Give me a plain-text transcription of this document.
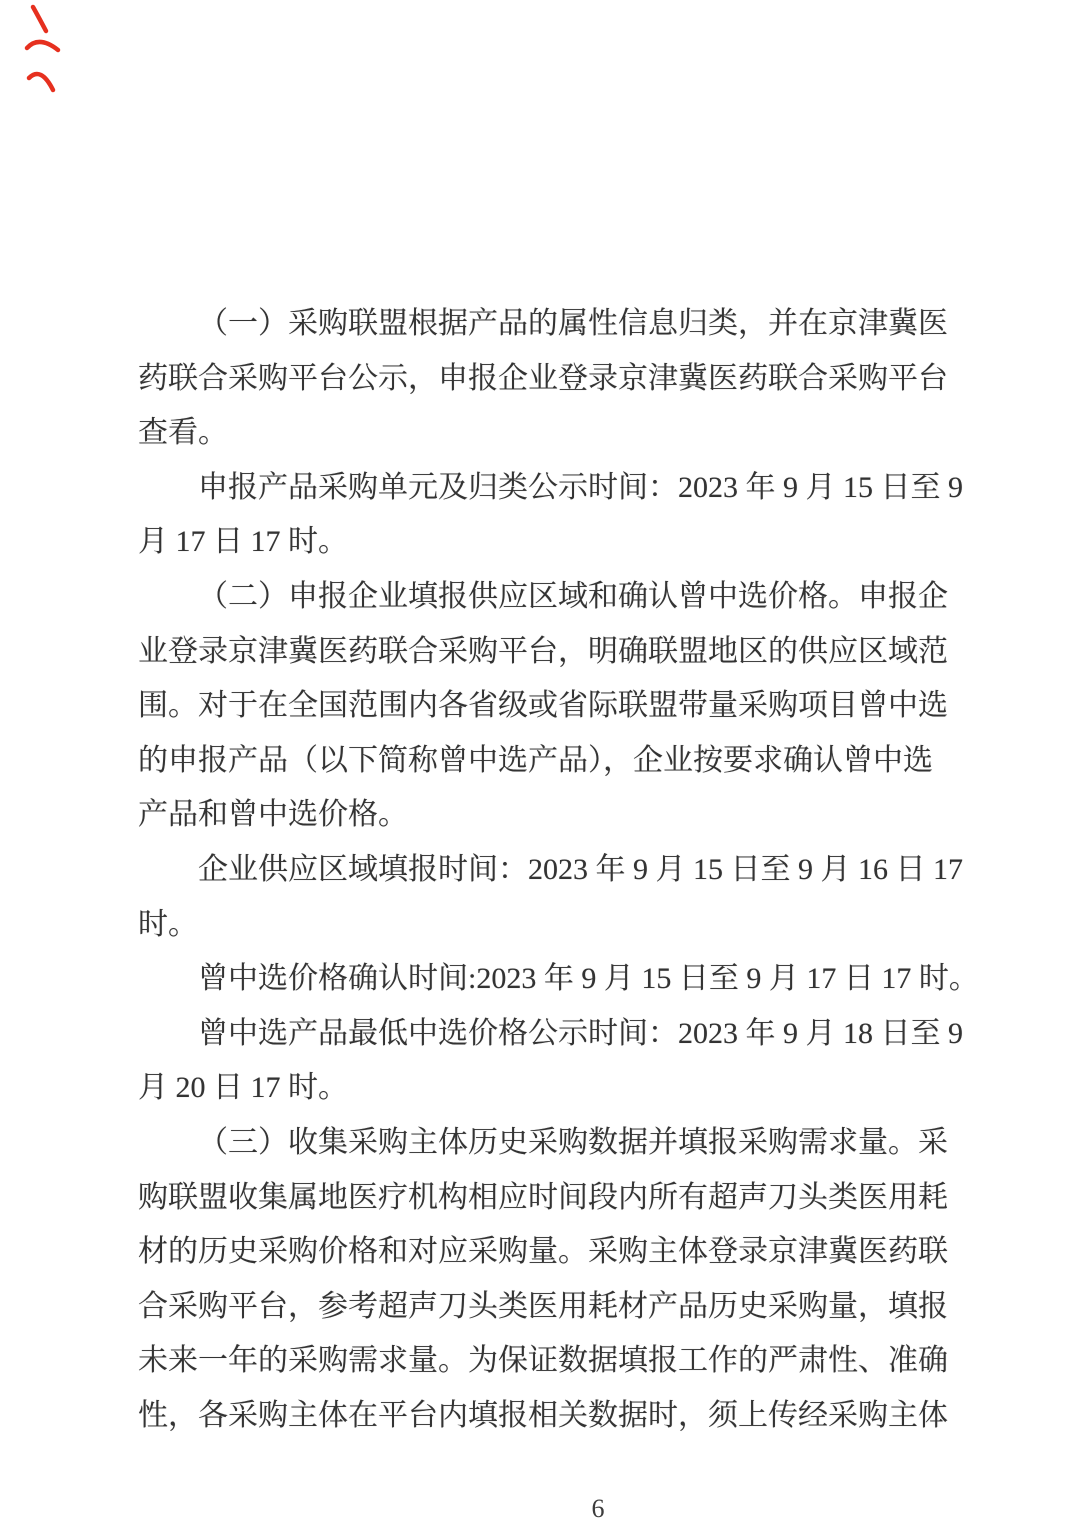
（一）采购联盟根据产品的属性信息归类，并在京津冀医
药联合采购平台公示，申报企业登录京津冀医药联合采购平台
查看。
申报产品采购单元及归类公示时间：2023 年 9 月 15 日至 9
月 17 日 17 时。
（二）申报企业填报供应区域和确认曾中选价格。申报企
业登录京津冀医药联合采购平台，明确联盟地区的供应区域范
围。对于在全国范围内各省级或省际联盟带量采购项目曾中选
的申报产品（以下简称曾中选产品），企业按要求确认曾中选
产品和曾中选价格。
企业供应区域填报时间：2023 年 9 月 15 日至 9 月 16 日 17
时。
曾中选价格确认时间:2023 年 9 月 15 日至 9 月 17 日 17 时。
曾中选产品最低中选价格公示时间：2023 年 9 月 18 日至 9
月 20 日 17 时。
（三）收集采购主体历史采购数据并填报采购需求量。采
购联盟收集属地医疗机构相应时间段内所有超声刀头类医用耗
材的历史采购价格和对应采购量。采购主体登录京津冀医药联
合采购平台，参考超声刀头类医用耗材产品历史采购量，填报
未来一年的采购需求量。为保证数据填报工作的严肃性、准确
性，各采购主体在平台内填报相关数据时，须上传经采购主体
6
